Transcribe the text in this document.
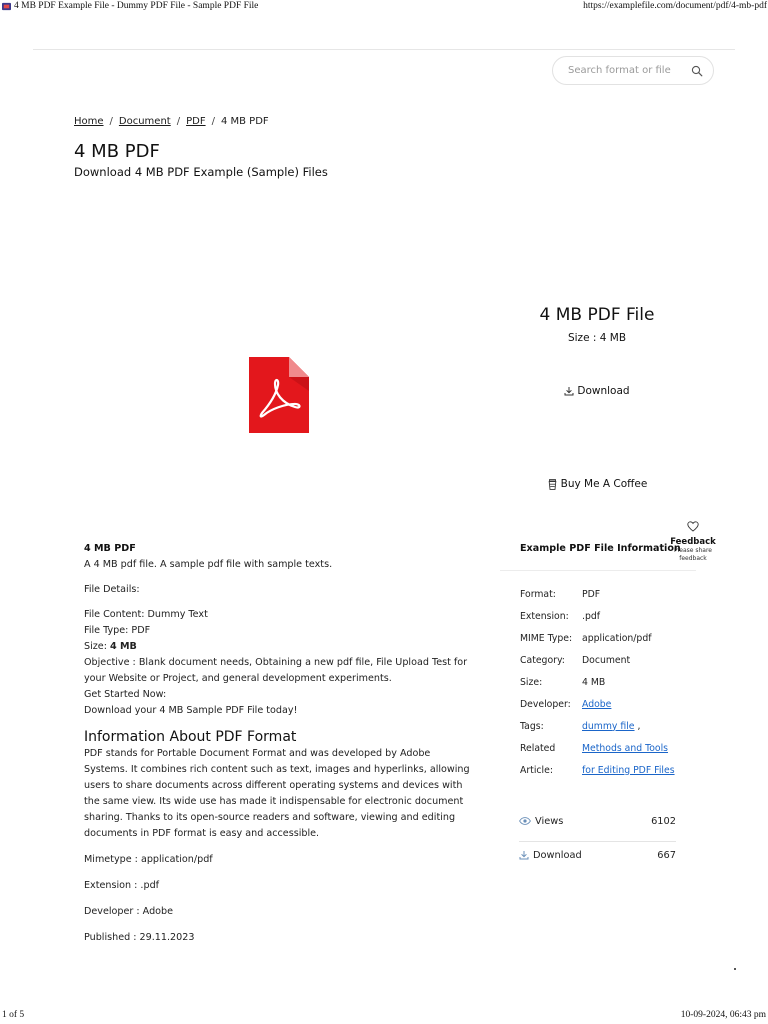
4 MB PDF Example File - Dummy PDF File - Sample PDF File	https://examplefile.com/document/pdf/4-mb-pdf
Search format or file
Home / Document / PDF / 4 MB PDF
4 MB PDF
Download 4 MB PDF Example (Sample) Files
4 MB PDF File
Size : 4 MB
Download
Buy Me A Coffee
Feedback
Please share
feedback

4 MB PDF

A 4 MB pdf file. A sample pdf file with sample texts.

File Details:

File Content: Dummy Text

File Type: PDF

Size: 4 MB

Objective : Blank document needs, Obtaining a new pdf file, File Upload Test for

your Website or Project, and general development experiments.

Get Started Now:

Download your 4 MB Sample PDF File today!

Information About PDF Format

PDF stands for Portable Document Format and was developed by Adobe

Systems. It combines rich content such as text, images and hyperlinks, allowing

users to share documents across different operating systems and devices with

the same view. Its wide use has made it indispensable for electronic document

sharing. Thanks to its open-source readers and software, viewing and editing

documents in PDF format is easy and accessible.

Mimetype : application/pdf

Extension : .pdf

Developer : Adobe

Published : 29.11.2023

Example PDF File Information
Format:	PDF
Extension:	.pdf
MIME Type:	application/pdf
Category:	Document
Size:	4 MB
Developer:	Adobe
Tags:	dummy file ,
Related	Methods and Tools
Article:	for Editing PDF Files
Views	6102
Download	667
1 of 5	10-09-2024, 06:43 pm
